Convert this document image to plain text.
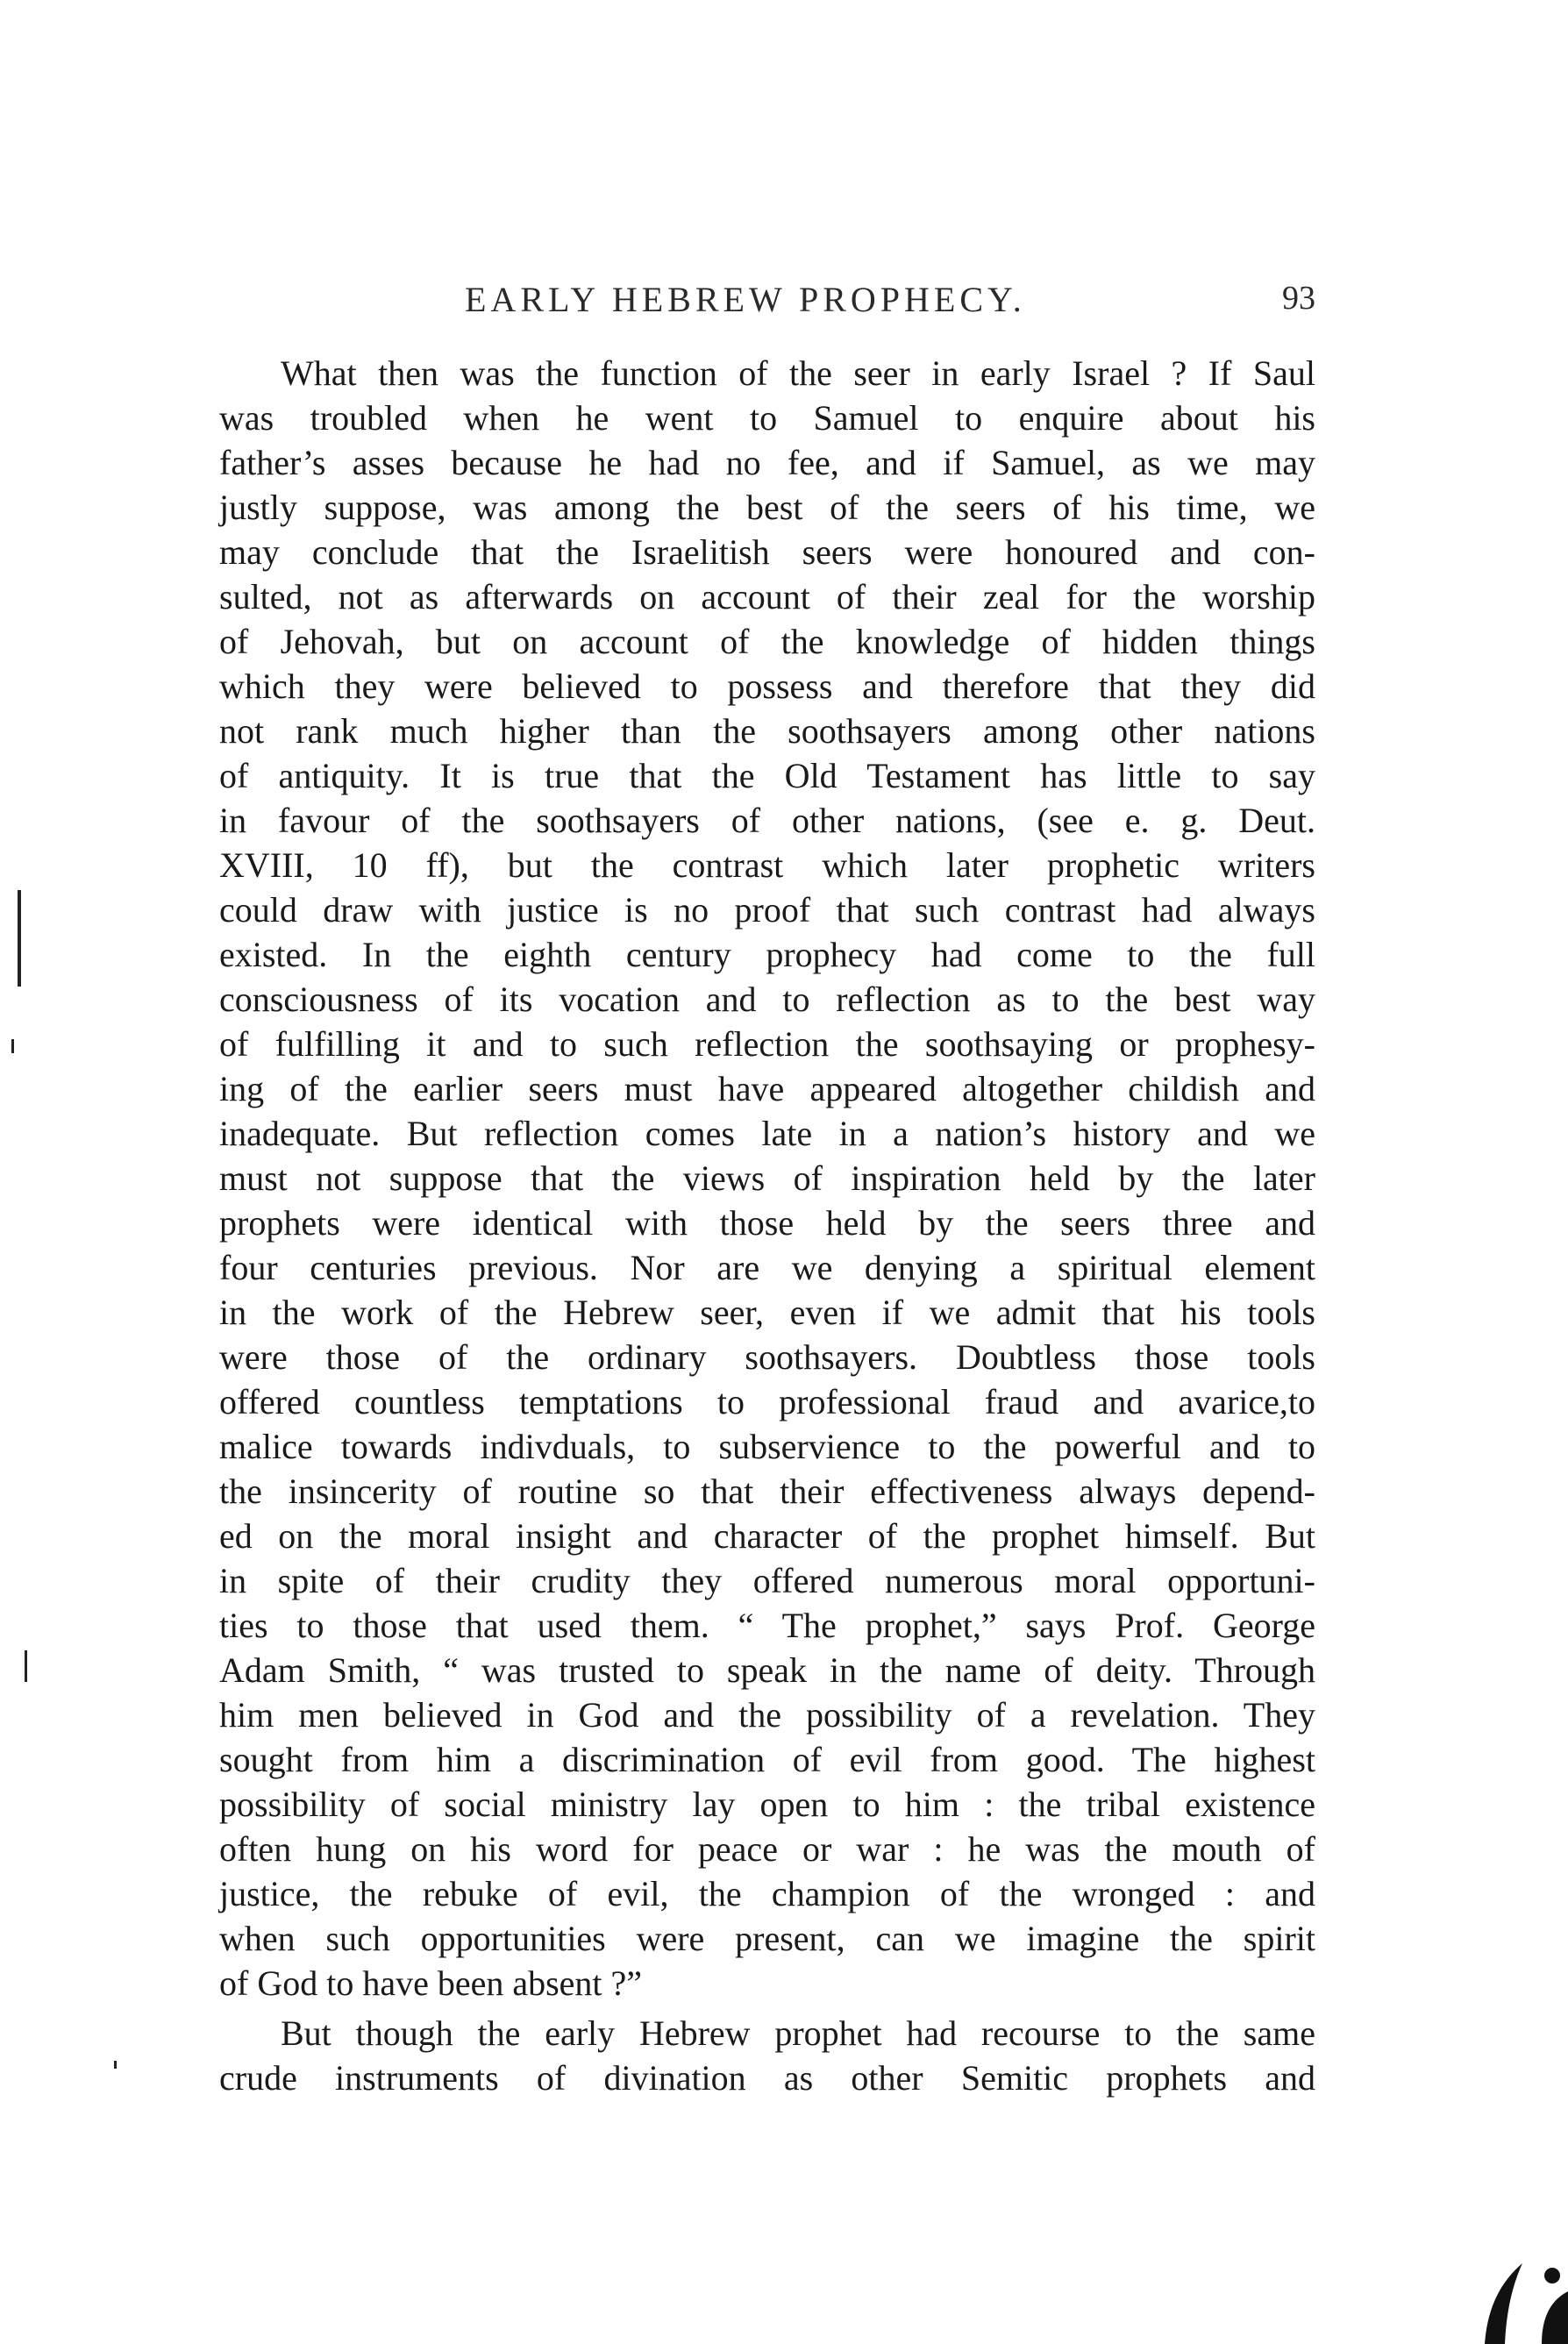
EARLY HEBREW PROPHECY.	93
What then was the function of the seer in early Israel ? If Saul
was troubled when he went to Samuel to enquire about his
father’s asses because he had no fee, and if Samuel, as we may
justly suppose, was among the best of the seers of his time, we
may conclude that the Israelitish seers were honoured and con-
sulted, not as afterwards on account of their zeal for the worship
of Jehovah, but on account of the knowledge of hidden things
which they were believed to possess and therefore that they did
not rank much higher than the soothsayers among other nations
of antiquity. It is true that the Old Testament has little to say
in favour of the soothsayers of other nations, (see e. g. Deut.
XVIII, 10 ff), but the contrast which later prophetic writers
could draw with justice is no proof that such contrast had always
existed. In the eighth century prophecy had come to the full
consciousness of its vocation and to reflection as to the best way
of fulfilling it and to such reflection the soothsaying or prophesy-
ing of the earlier seers must have appeared altogether childish and
inadequate. But reflection comes late in a nation’s history and we
must not suppose that the views of inspiration held by the later
prophets were identical with those held by the seers three and
four centuries previous. Nor are we denying a spiritual element
in the work of the Hebrew seer, even if we admit that his tools
were those of the ordinary soothsayers. Doubtless those tools
offered countless temptations to professional fraud and avarice,to
malice towards indivduals, to subservience to the powerful and to
the insincerity of routine so that their effectiveness always depend-
ed on the moral insight and character of the prophet himself. But
in spite of their crudity they offered numerous moral opportuni-
ties to those that used them. “ The prophet,” says Prof. George
Adam Smith, “ was trusted to speak in the name of deity. Through
him men believed in God and the possibility of a revelation. They
sought from him a discrimination of evil from good. The highest
possibility of social ministry lay open to him : the tribal existence
often hung on his word for peace or war : he was the mouth of
justice, the rebuke of evil, the champion of the wronged : and
when such opportunities were present, can we imagine the spirit
of God to have been absent ?”
But though the early Hebrew prophet had recourse to the same
crude instruments of divination as other Semitic prophets and
